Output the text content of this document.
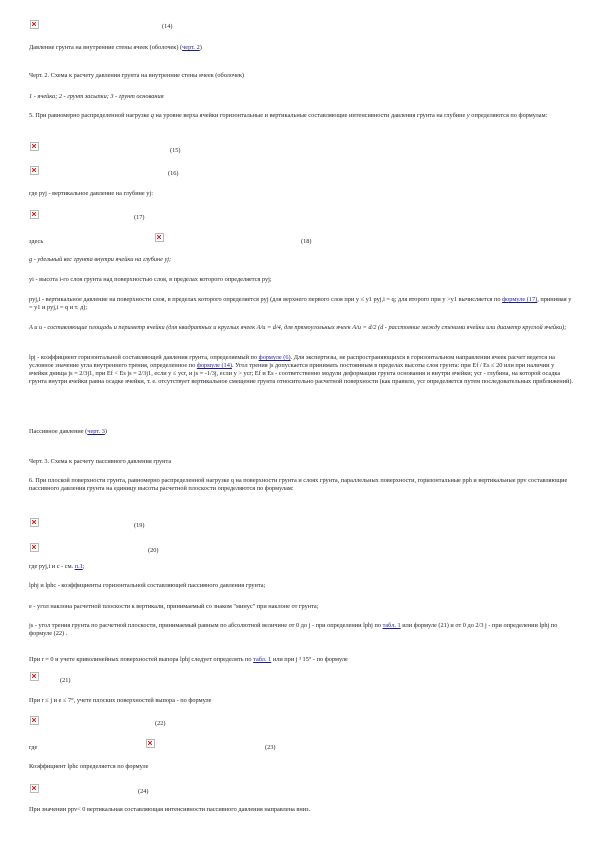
(14)
Давление грунта на внутренние стены ячеек (оболочек) (черт. 2)
Черт. 2. Схема к расчету давления грунта на внутренние стены ячеек (оболочек)
1 - ячейка; 2 - грунт засыпки; 3 - грунт основания
5. При равномерно распределенной нагрузке q на уровне верха ячейки горизонтальные и вертикальные составляющие интенсивности давления грунта на глубине y определяются по формулам:
(15)
(16)
где pyj - вертикальное давление на глубине yj:
(17)
здесь	(18)
g - удельный вес грунта внутри ячейки на глубине yj;
yi - высота i-го слоя грунта над поверхностью слоя, в пределах которого определяется pyj;
pyj,i - вертикальное давление на поверхности слоя, в пределах которого определяется pyj (для верхнего первого слоя при y ≤ y1 pyj,i = q; для второго при y >y1 вычисляется по формуле (17), принимая y = y1 и pyj,i = q и т. д);
A и u - составляющие площадь и периметр ячейки (для квадратных и круглых ячеек A/u = d/4, для прямоугольных ячеек A/u = d/2 (d - расстояние между стенами ячейки или диаметр круглой ячейки);
lpj - коэффициент горизонтальной составляющей давления грунта, определяемый по формуле (6). Для экспертизы, не распространяющихся в горизонтальном направлении ячеек расчет ведется на условное значение угла внутреннего трения, определенное по формуле (14). Угол трения js допускается принимать постоянным в пределах высоты слоя грунта: при Ef / Es ≤ 20 или при наличии у ячейки днища js = 2/3j1, при Ef < Es js = 2/3j1, если y ≤ ycr, и js = -1/3j, если y > ycr; Ef и Es - соответственно модули деформации грунта основания и внутри ячейки; ycr - глубина, на которой осадка грунта внутри ячейки равна осадке ячейки, т. е. отсутствует вертикальное смещение грунта относительно расчетной поверхности (как правило, ycr определяется путем последовательных приближений).
Пассивное давление (черт. 3)
Черт. 3. Схема к расчету пассивного давления грунта
6. При плоской поверхности грунта, равномерно распределенной нагрузке q на поверхности грунта и слоях грунта, параллельных поверхности, горизонтальные pph и вертикальные ppv составляющие пассивного давления грунта на единицу высоты расчетной плоскости определяются по формулам:
(19)
(20)
где pyj,i и c - см. п.1;
lphj и lphc - коэффициенты горизонтальной составляющей пассивного давления грунта;
e - угол наклона расчетной плоскости к вертикали, принимаемый со знаком "минус" при наклоне от грунта;
js - угол трения грунта по расчетной плоскости, принимаемый равным по абсолютной величине от 0 до j - при определении lphj по табл. 1 или формуле (21) и от 0 до 2/3 j - при определении lphj по формуле (22) .
При r = 0 и учете криволинейных поверхностей выпора lphj следует определять по табл. 1 или при j ³ 15° - по формуле
(21)
При r ≤ j и e ≤ 7°, учете плоских поверхностей выпора - по формуле
(22)
где	(23)
Коэффициент lphc определяется по формуле
(24)
При значении ppv< 0 вертикальная составляющая интенсивности пассивного давления направлена вниз.
